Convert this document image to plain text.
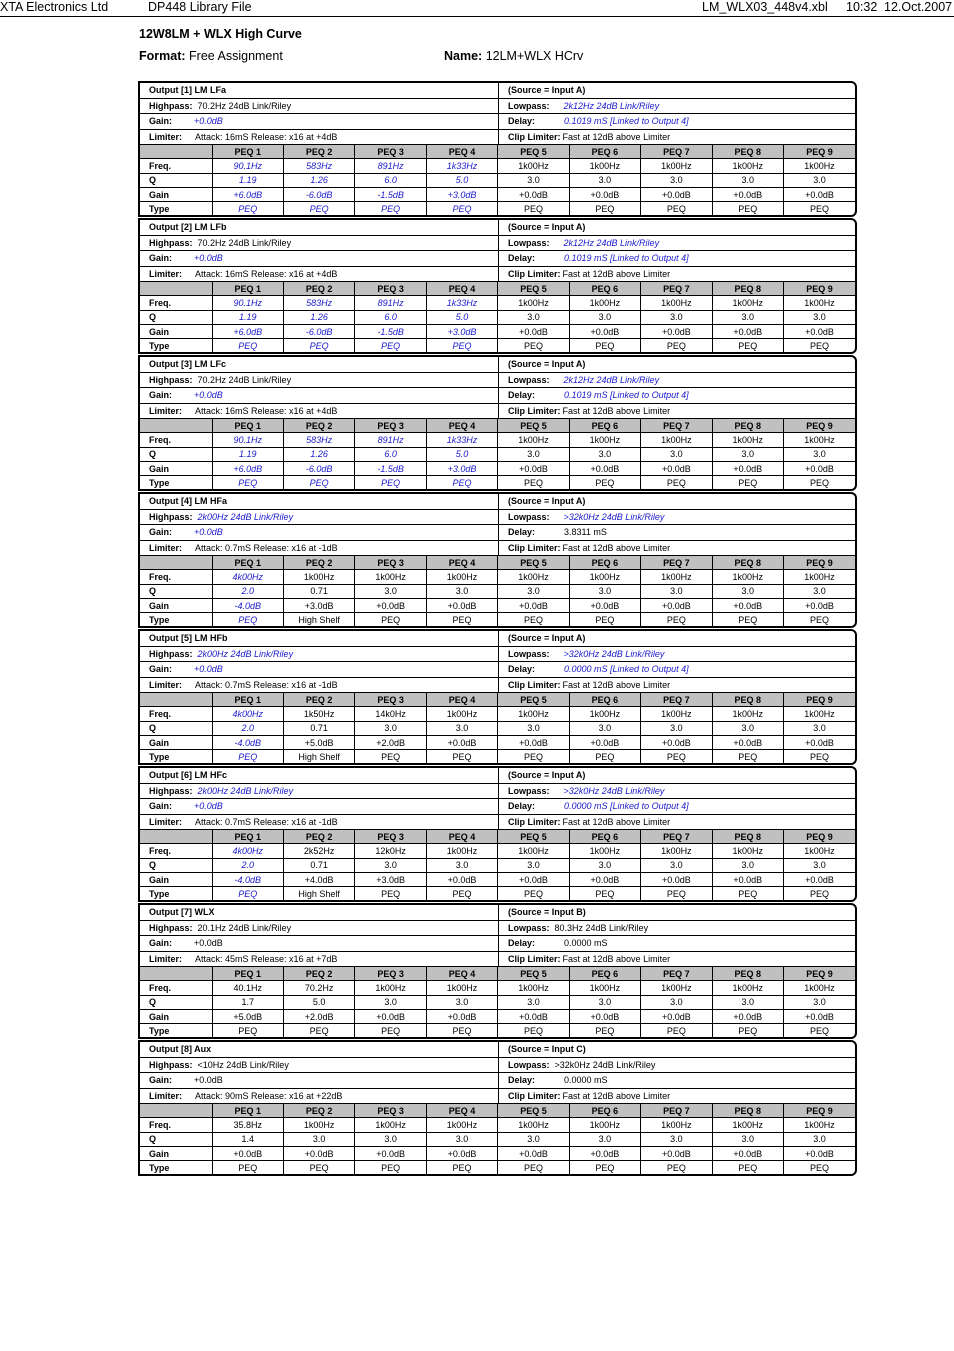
XTA Electronics Ltd	DP448 Library File	LM_WLX03_448v4.xbl 10:32 12.Oct.2007
12W8LM + WLX High Curve
Format: Free Assignment	Name: 12LM+WLX HCrv
Output [1] LM LFa	(Source = Input A)
Highpass: 70.2Hz 24dB Link/Riley	Lowpass: 2k12Hz 24dB Link/Riley
Gain: +0.0dB	Delay:	0.1019 mS [Linked to Output 4]
Limiter: Attack: 16mS Release: x16 at +4dB	Clip Limiter: Fast at 12dB above Limiter
	PEQ 1	PEQ 2	PEQ 3	PEQ 4	PEQ 5	PEQ 6	PEQ 7	PEQ 8	PEQ 9
Freq.	90.1Hz	583Hz	891Hz	1k33Hz	1k00Hz	1k00Hz	1k00Hz	1k00Hz	1k00Hz
Q	1.19	1.26	6.0	5.0	3.0	3.0	3.0	3.0	3.0
Gain	+6.0dB	-6.0dB	-1.5dB	+3.0dB	+0.0dB	+0.0dB	+0.0dB	+0.0dB	+0.0dB
Type	PEQ	PEQ	PEQ	PEQ	PEQ	PEQ	PEQ	PEQ	PEQ
Output [2] LM LFb	(Source = Input A)
Highpass: 70.2Hz 24dB Link/Riley	Lowpass: 2k12Hz 24dB Link/Riley
Gain: +0.0dB	Delay:	0.1019 mS [Linked to Output 4]
Limiter: Attack: 16mS Release: x16 at +4dB	Clip Limiter: Fast at 12dB above Limiter
	PEQ 1	PEQ 2	PEQ 3	PEQ 4	PEQ 5	PEQ 6	PEQ 7	PEQ 8	PEQ 9
Freq.	90.1Hz	583Hz	891Hz	1k33Hz	1k00Hz	1k00Hz	1k00Hz	1k00Hz	1k00Hz
Q	1.19	1.26	6.0	5.0	3.0	3.0	3.0	3.0	3.0
Gain	+6.0dB	-6.0dB	-1.5dB	+3.0dB	+0.0dB	+0.0dB	+0.0dB	+0.0dB	+0.0dB
Type	PEQ	PEQ	PEQ	PEQ	PEQ	PEQ	PEQ	PEQ	PEQ
Output [3] LM LFc	(Source = Input A)
Highpass: 70.2Hz 24dB Link/Riley	Lowpass: 2k12Hz 24dB Link/Riley
Gain: +0.0dB	Delay:	0.1019 mS [Linked to Output 4]
Limiter: Attack: 16mS Release: x16 at +4dB	Clip Limiter: Fast at 12dB above Limiter
	PEQ 1	PEQ 2	PEQ 3	PEQ 4	PEQ 5	PEQ 6	PEQ 7	PEQ 8	PEQ 9
Freq.	90.1Hz	583Hz	891Hz	1k33Hz	1k00Hz	1k00Hz	1k00Hz	1k00Hz	1k00Hz
Q	1.19	1.26	6.0	5.0	3.0	3.0	3.0	3.0	3.0
Gain	+6.0dB	-6.0dB	-1.5dB	+3.0dB	+0.0dB	+0.0dB	+0.0dB	+0.0dB	+0.0dB
Type	PEQ	PEQ	PEQ	PEQ	PEQ	PEQ	PEQ	PEQ	PEQ
Output [4] LM HFa	(Source = Input A)
Highpass: 2k00Hz 24dB Link/Riley	Lowpass: >32k0Hz 24dB Link/Riley
Gain: +0.0dB	Delay:	3.8311 mS
Limiter: Attack: 0.7mS Release: x16 at -1dB	Clip Limiter: Fast at 12dB above Limiter
	PEQ 1	PEQ 2	PEQ 3	PEQ 4	PEQ 5	PEQ 6	PEQ 7	PEQ 8	PEQ 9
Freq.	4k00Hz	1k00Hz	1k00Hz	1k00Hz	1k00Hz	1k00Hz	1k00Hz	1k00Hz	1k00Hz
Q	2.0	0.71	3.0	3.0	3.0	3.0	3.0	3.0	3.0
Gain	-4.0dB	+3.0dB	+0.0dB	+0.0dB	+0.0dB	+0.0dB	+0.0dB	+0.0dB	+0.0dB
Type	PEQ	High Shelf	PEQ	PEQ	PEQ	PEQ	PEQ	PEQ	PEQ
Output [5] LM HFb	(Source = Input A)
Highpass: 2k00Hz 24dB Link/Riley	Lowpass: >32k0Hz 24dB Link/Riley
Gain: +0.0dB	Delay:	0.0000 mS [Linked to Output 4]
Limiter: Attack: 0.7mS Release: x16 at -1dB	Clip Limiter: Fast at 12dB above Limiter
	PEQ 1	PEQ 2	PEQ 3	PEQ 4	PEQ 5	PEQ 6	PEQ 7	PEQ 8	PEQ 9
Freq.	4k00Hz	1k50Hz	14k0Hz	1k00Hz	1k00Hz	1k00Hz	1k00Hz	1k00Hz	1k00Hz
Q	2.0	0.71	3.0	3.0	3.0	3.0	3.0	3.0	3.0
Gain	-4.0dB	+5.0dB	+2.0dB	+0.0dB	+0.0dB	+0.0dB	+0.0dB	+0.0dB	+0.0dB
Type	PEQ	High Shelf	PEQ	PEQ	PEQ	PEQ	PEQ	PEQ	PEQ
Output [6] LM HFc	(Source = Input A)
Highpass: 2k00Hz 24dB Link/Riley	Lowpass: >32k0Hz 24dB Link/Riley
Gain: +0.0dB	Delay:	0.0000 mS [Linked to Output 4]
Limiter: Attack: 0.7mS Release: x16 at -1dB	Clip Limiter: Fast at 12dB above Limiter
	PEQ 1	PEQ 2	PEQ 3	PEQ 4	PEQ 5	PEQ 6	PEQ 7	PEQ 8	PEQ 9
Freq.	4k00Hz	2k52Hz	12k0Hz	1k00Hz	1k00Hz	1k00Hz	1k00Hz	1k00Hz	1k00Hz
Q	2.0	0.71	3.0	3.0	3.0	3.0	3.0	3.0	3.0
Gain	-4.0dB	+4.0dB	+3.0dB	+0.0dB	+0.0dB	+0.0dB	+0.0dB	+0.0dB	+0.0dB
Type	PEQ	High Shelf	PEQ	PEQ	PEQ	PEQ	PEQ	PEQ	PEQ
Output [7] WLX	(Source = Input B)
Highpass: 20.1Hz 24dB Link/Riley	Lowpass: 80.3Hz 24dB Link/Riley
Gain: +0.0dB	Delay:	0.0000 mS
Limiter: Attack: 45mS Release: x16 at +7dB	Clip Limiter: Fast at 12dB above Limiter
	PEQ 1	PEQ 2	PEQ 3	PEQ 4	PEQ 5	PEQ 6	PEQ 7	PEQ 8	PEQ 9
Freq.	40.1Hz	70.2Hz	1k00Hz	1k00Hz	1k00Hz	1k00Hz	1k00Hz	1k00Hz	1k00Hz
Q	1.7	5.0	3.0	3.0	3.0	3.0	3.0	3.0	3.0
Gain	+5.0dB	+2.0dB	+0.0dB	+0.0dB	+0.0dB	+0.0dB	+0.0dB	+0.0dB	+0.0dB
Type	PEQ	PEQ	PEQ	PEQ	PEQ	PEQ	PEQ	PEQ	PEQ
Output [8] Aux	(Source = Input C)
Highpass: <10Hz 24dB Link/Riley	Lowpass: >32k0Hz 24dB Link/Riley
Gain: +0.0dB	Delay:	0.0000 mS
Limiter: Attack: 90mS Release: x16 at +22dB	Clip Limiter: Fast at 12dB above Limiter
	PEQ 1	PEQ 2	PEQ 3	PEQ 4	PEQ 5	PEQ 6	PEQ 7	PEQ 8	PEQ 9
Freq.	35.8Hz	1k00Hz	1k00Hz	1k00Hz	1k00Hz	1k00Hz	1k00Hz	1k00Hz	1k00Hz
Q	1.4	3.0	3.0	3.0	3.0	3.0	3.0	3.0	3.0
Gain	+0.0dB	+0.0dB	+0.0dB	+0.0dB	+0.0dB	+0.0dB	+0.0dB	+0.0dB	+0.0dB
Type	PEQ	PEQ	PEQ	PEQ	PEQ	PEQ	PEQ	PEQ	PEQ
